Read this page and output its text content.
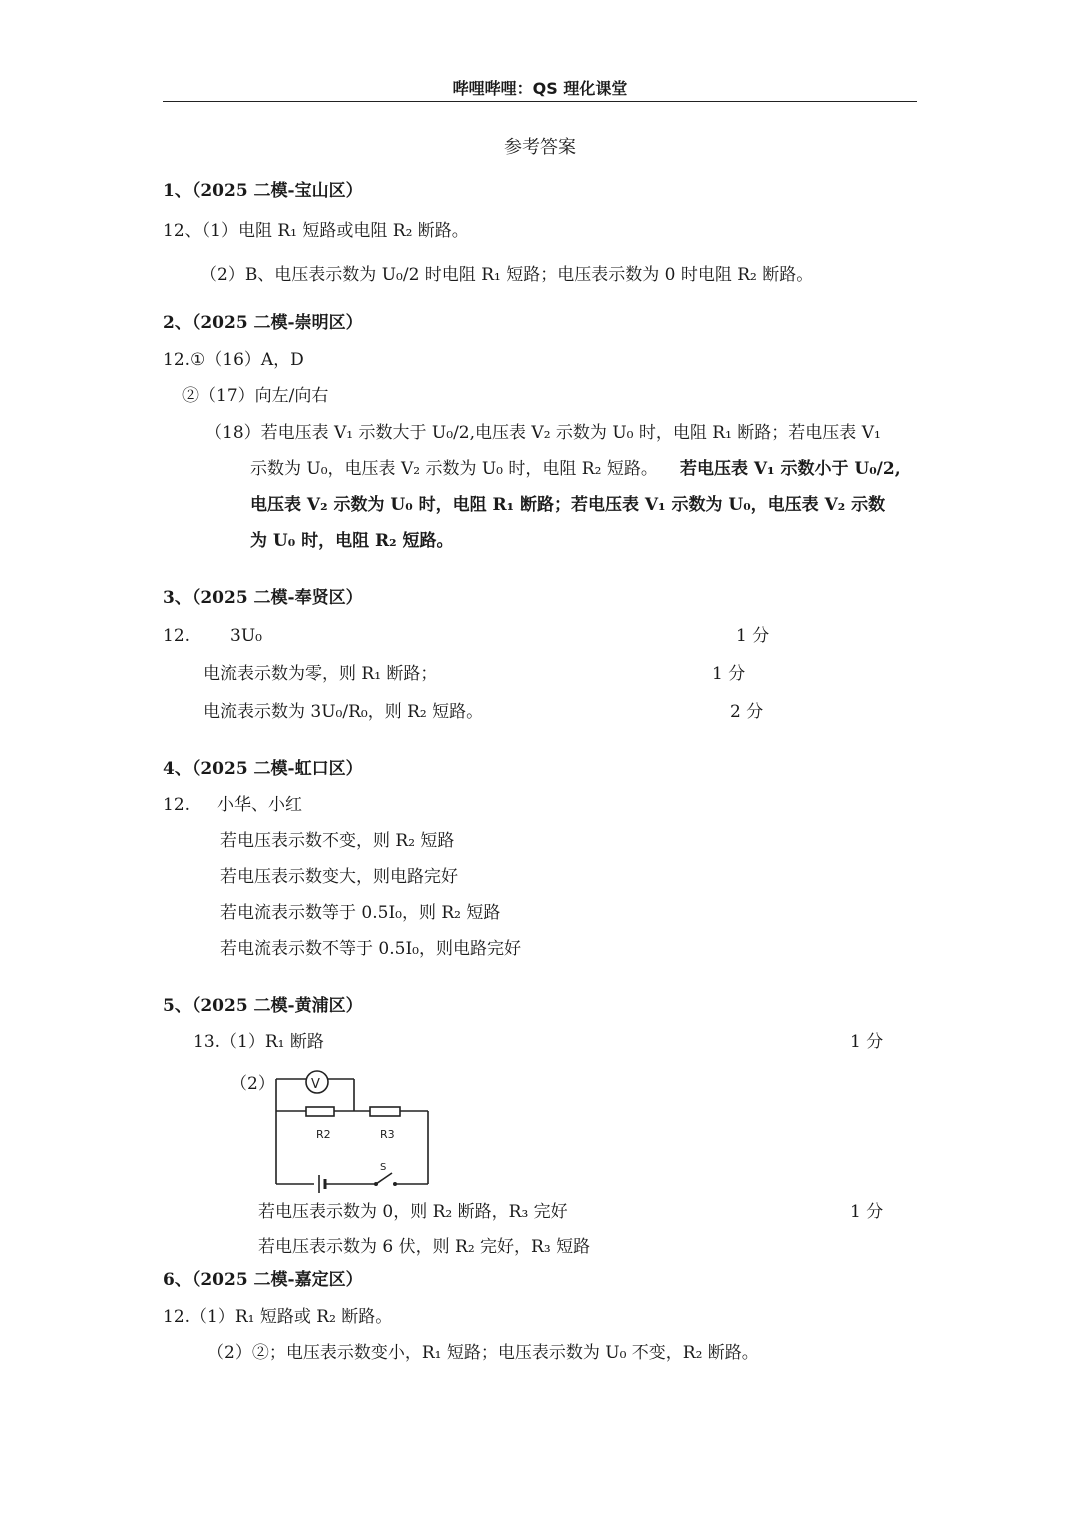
哔哩哔哩：QS 理化课堂
参考答案
1、（2025 二模-宝山区）
12、（1）电阻 R₁ 短路或电阻 R₂ 断路。
（2）B、电压表示数为 U₀/2 时电阻 R₁ 短路；电压表示数为 0 时电阻 R₂ 断路。
2、（2025 二模-崇明区）
12.①（16）A，D
②（17）向左/向右
（18）若电压表 V₁ 示数大于 U₀/2,电压表 V₂ 示数为 U₀ 时，电阻 R₁ 断路；若电压表 V₁
示数为 U₀，电压表 V₂ 示数为 U₀ 时，电阻 R₂ 短路。 若电压表 V₁ 示数小于 U₀/2,
电压表 V₂ 示数为 U₀ 时，电阻 R₁ 断路；若电压表 V₁ 示数为 U₀，电压表 V₂ 示数
为 U₀ 时，电阻 R₂ 短路。
3、（2025 二模-奉贤区）
12. 3U₀	1 分
电流表示数为零，则 R₁ 断路；	1 分
电流表示数为 3U₀/R₀，则 R₂ 短路。	2 分
4、（2025 二模-虹口区）
12. 小华、小红
若电压表示数不变，则 R₂ 短路
若电压表示数变大，则电路完好
若电流表示数等于 0.5I₀，则 R₂ 短路
若电流表示数不等于 0.5I₀，则电路完好
5、（2025 二模-黄浦区）
13.（1）R₁ 断路	1 分
（2）	V
R2	R3
S
若电压表示数为 0，则 R₂ 断路，R₃ 完好	1 分
若电压表示数为 6 伏，则 R₂ 完好，R₃ 短路
6、（2025 二模-嘉定区）
12.（1）R₁ 短路或 R₂ 断路。
（2）②；电压表示数变小，R₁ 短路；电压表示数为 U₀ 不变，R₂ 断路。
